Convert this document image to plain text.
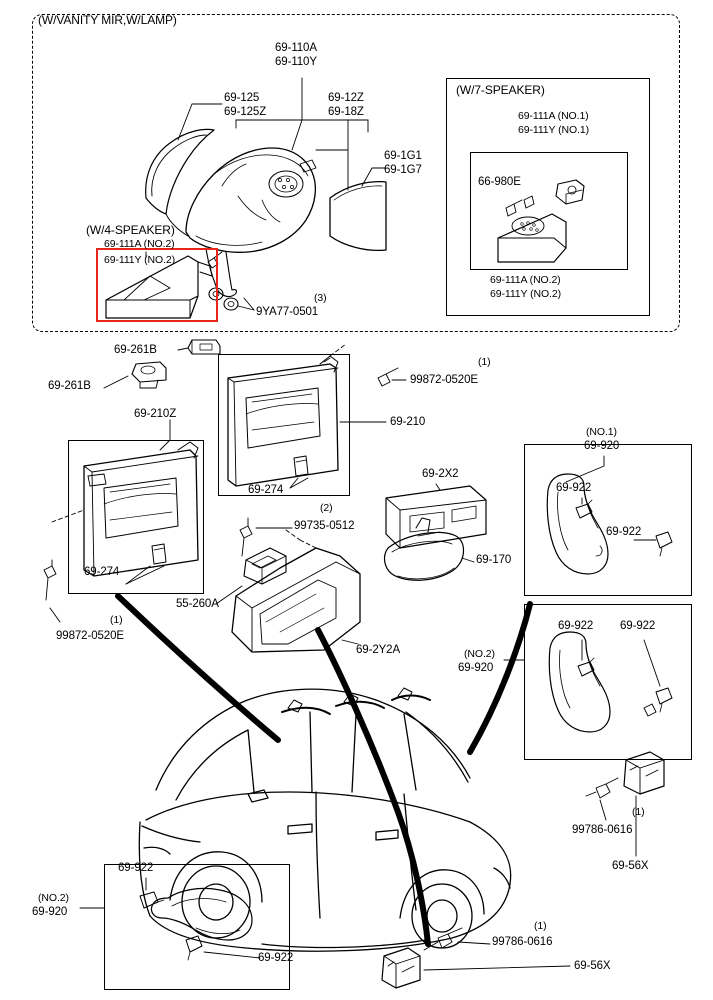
(W/VANITY MIR,W/LAMP)
(W/7-SPEAKER)
(W/4-SPEAKER)
69-110A
69-110Y
69-125
69-125Z
69-12Z
69-18Z
69-1G1
69-1G7
69-111A (NO.1)
69-111Y (NO.1)
66-980E
69-111A (NO.2)
69-111Y (NO.2)
69-111A (NO.2)
69-111Y (NO.2)
9YA77-0501
(3)
69-261B
69-261B
69-210Z
69-210
69-274
69-274
99872-0520E
(1)
99872-0520E
(1)
69-2X2
69-170
99735-0512
(2)
55-260A
69-2Y2A
(NO.1)
69-920
69-922
69-922
(NO.2)
69-920
69-922 69-922
(NO.2)
69-920
69-922
69-922
99786-0616
(1)
69-56X
99786-0616
(1)
69-56X
